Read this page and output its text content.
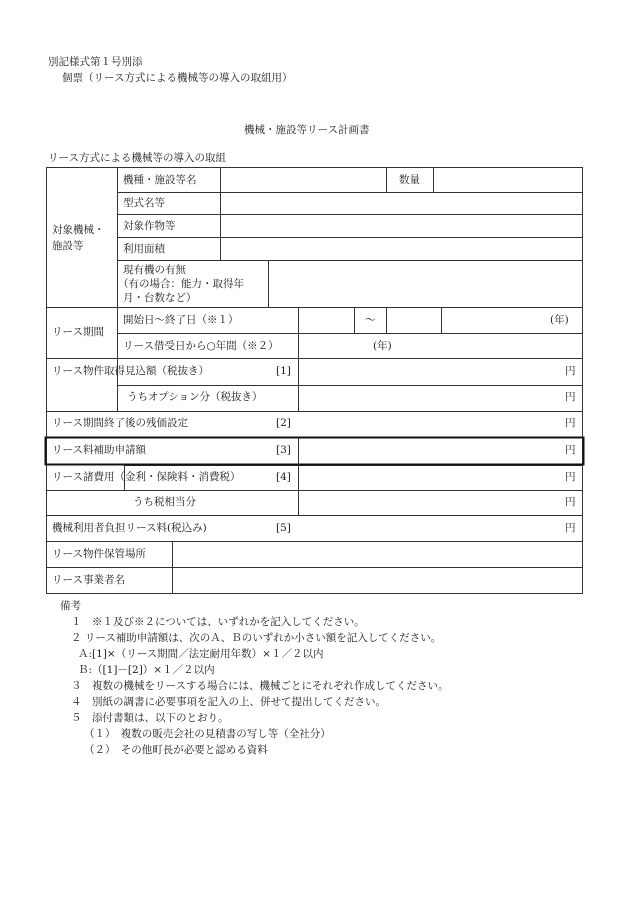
別記様式第１号別添
個票（リース方式による機械等の導入の取組用）
機械・施設等リース計画書
リース方式による機械等の導入の取組
対象機械・
施設等
機種・施設等名	数量
型式名等
対象作物等
利用面積
現有機の有無
（有の場合：能力・取得年
月・台数など）
リース期間
開始日～終了日（※１）	～	(年)
リース借受日から○年間（※２）	(年)
リース物件取得見込額（税抜き）	[1]	円
うちオプション分（税抜き）	円
リース期間終了後の残価設定	[2]	円
リース料補助申請額	[3]	円
リース諸費用（金利・保険料・消費税）	[4]	円
うち税相当分	円
機械利用者負担リース料(税込み)	[5]	円
リース物件保管場所
リース事業者名
備考
１　※１及び※２については、いずれかを記入してください。
２ リース補助申請額は、次のＡ、Ｂのいずれか小さい額を記入してください。
Ａ:[1]×（リース期間／法定耐用年数）×１／２以内
Ｂ:（[1]－[2]）×１／２以内
３　複数の機械をリースする場合には、機械ごとにそれぞれ作成してください。
４　別紙の調書に必要事項を記入の上、併せて提出してください。
５　添付書類は、以下のとおり。
（１）　複数の販売会社の見積書の写し等（全社分）
（２）　その他町長が必要と認める資料
